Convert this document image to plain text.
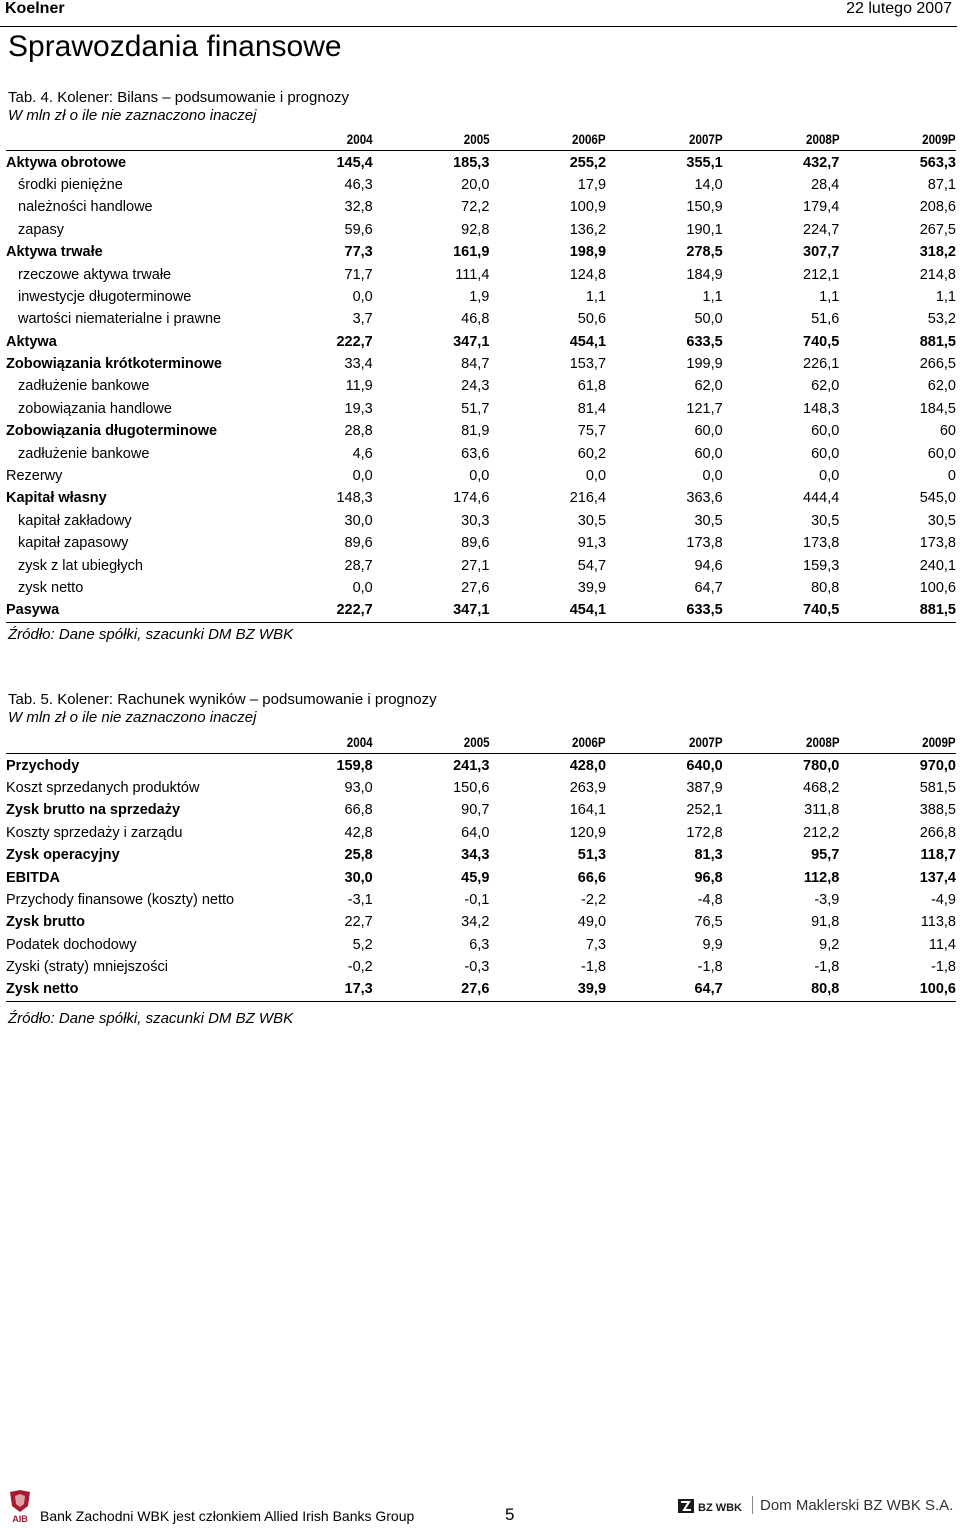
Koelner	22 lutego 2007
Sprawozdania finansowe
Tab. 4. Kolener: Bilans – podsumowanie i prognozy
W mln zł o ile nie zaznaczono inaczej
	2004	2005	2006P	2007P	2008P	2009P
Aktywa obrotowe	145,4	185,3	255,2	355,1	432,7	563,3
środki pieniężne	46,3	20,0	17,9	14,0	28,4	87,1
należności handlowe	32,8	72,2	100,9	150,9	179,4	208,6
zapasy	59,6	92,8	136,2	190,1	224,7	267,5
Aktywa trwałe	77,3	161,9	198,9	278,5	307,7	318,2
rzeczowe aktywa trwałe	71,7	111,4	124,8	184,9	212,1	214,8
inwestycje długoterminowe	0,0	1,9	1,1	1,1	1,1	1,1
wartości niematerialne i prawne	3,7	46,8	50,6	50,0	51,6	53,2
Aktywa	222,7	347,1	454,1	633,5	740,5	881,5
Zobowiązania krótkoterminowe	33,4	84,7	153,7	199,9	226,1	266,5
zadłużenie bankowe	11,9	24,3	61,8	62,0	62,0	62,0
zobowiązania handlowe	19,3	51,7	81,4	121,7	148,3	184,5
Zobowiązania długoterminowe	28,8	81,9	75,7	60,0	60,0	60
zadłużenie bankowe	4,6	63,6	60,2	60,0	60,0	60,0
Rezerwy	0,0	0,0	0,0	0,0	0,0	0
Kapitał własny	148,3	174,6	216,4	363,6	444,4	545,0
kapitał zakładowy	30,0	30,3	30,5	30,5	30,5	30,5
kapitał zapasowy	89,6	89,6	91,3	173,8	173,8	173,8
zysk z lat ubiegłych	28,7	27,1	54,7	94,6	159,3	240,1
zysk netto	0,0	27,6	39,9	64,7	80,8	100,6
Pasywa	222,7	347,1	454,1	633,5	740,5	881,5
Źródło: Dane spółki, szacunki DM BZ WBK
Tab. 5. Kolener: Rachunek wyników – podsumowanie i prognozy
W mln zł o ile nie zaznaczono inaczej
	2004	2005	2006P	2007P	2008P	2009P
Przychody	159,8	241,3	428,0	640,0	780,0	970,0
Koszt sprzedanych produktów	93,0	150,6	263,9	387,9	468,2	581,5
Zysk brutto na sprzedaży	66,8	90,7	164,1	252,1	311,8	388,5
Koszty sprzedaży i zarządu	42,8	64,0	120,9	172,8	212,2	266,8
Zysk operacyjny	25,8	34,3	51,3	81,3	95,7	118,7
EBITDA	30,0	45,9	66,6	96,8	112,8	137,4
Przychody finansowe (koszty) netto	-3,1	-0,1	-2,2	-4,8	-3,9	-4,9
Zysk brutto	22,7	34,2	49,0	76,5	91,8	113,8
Podatek dochodowy	5,2	6,3	7,3	9,9	9,2	11,4
Zyski (straty) mniejszości	-0,2	-0,3	-1,8	-1,8	-1,8	-1,8
Zysk netto	17,3	27,6	39,9	64,7	80,8	100,6
Źródło: Dane spółki, szacunki DM BZ WBK
AIB Bank Zachodni WBK jest członkiem Allied Irish Banks Group	5	BZ WBK Dom Maklerski BZ WBK S.A.
